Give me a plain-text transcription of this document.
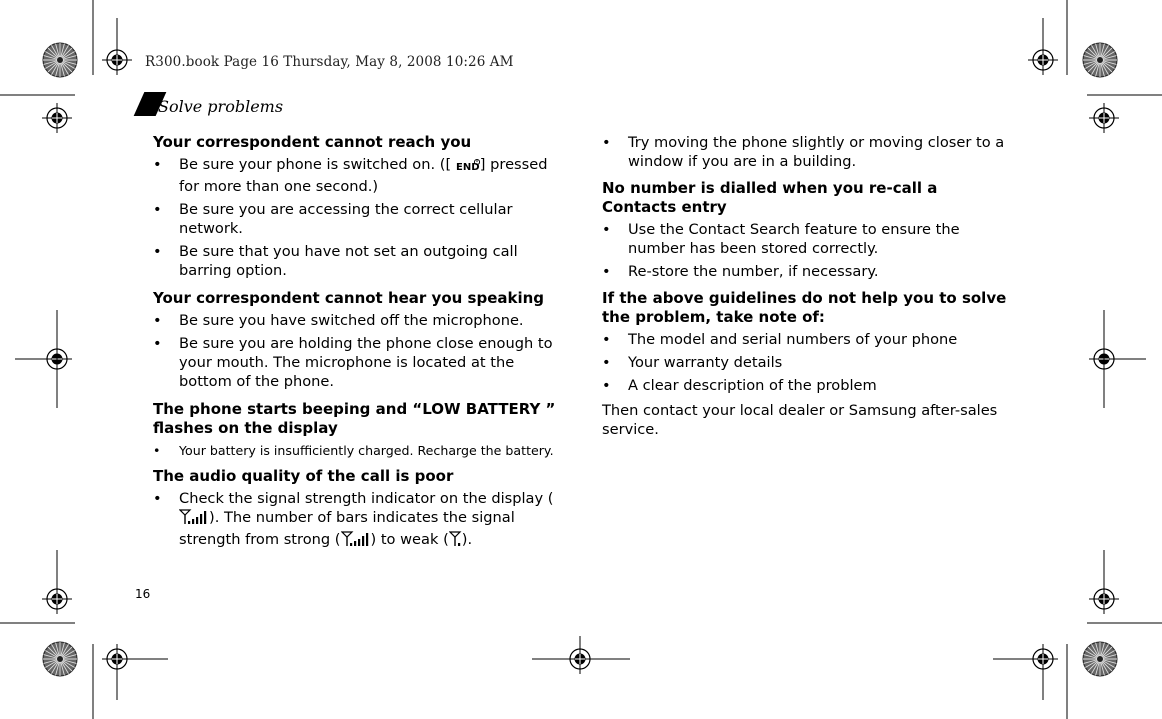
R300.book Page 16 Thursday, May 8, 2008 10:26 AM
Solve problems

Your correspondent cannot reach you

• Be sure your phone is switched on. ([ END ] pressed for more than one second.)
• Be sure you are accessing the correct cellular network.
• Be sure that you have not set an outgoing call barring option.

Your correspondent cannot hear you speaking

• Be sure you have switched off the microphone.
• Be sure you are holding the phone close enough to your mouth. The microphone is located at the bottom of the phone.

The phone starts beeping and “LOW BATTERY ” flashes on the display

• Your battery is insufficiently charged. Recharge the battery.

The audio quality of the call is poor

• Check the signal strength indicator on the display (). The number of bars indicates the signal strength from strong ( ) to weak ( ).
• Try moving the phone slightly or moving closer to a window if you are in a building.

No number is dialled when you re-call a Contacts entry

• Use the Contact Search feature to ensure the number has been stored correctly.
• Re-store the number, if necessary.

If the above guidelines do not help you to solve the problem, take note of:

• The model and serial numbers of your phone
• Your warranty details
• A clear description of the problem

Then contact your local dealer or Samsung after-sales service.

16
